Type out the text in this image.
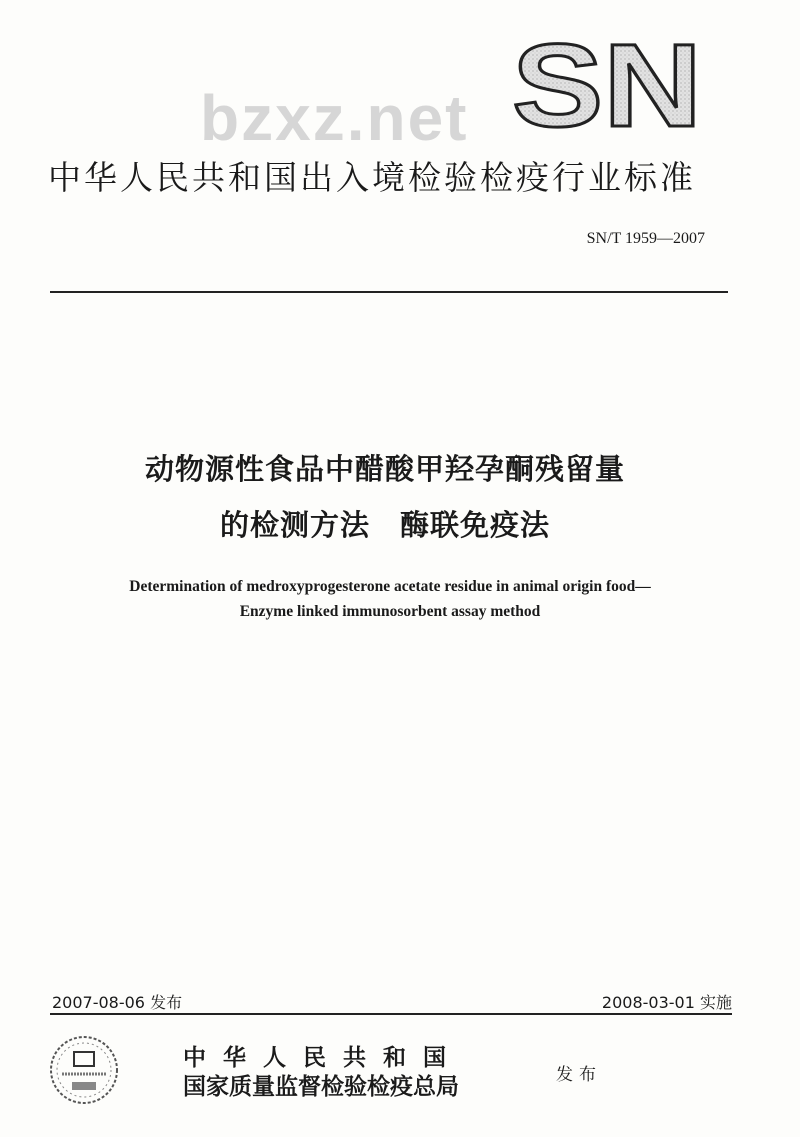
SN
bzxz.net
中华人民共和国出入境检验检疫行业标准
SN/T 1959—2007
动物源性食品中醋酸甲羟孕酮残留量
的检测方法　酶联免疫法
Determination of medroxyprogesterone acetate residue in animal origin food—
Enzyme linked immunosorbent assay method
2007-08-06 发布	2008-03-01 实施
中华人民共和国
国家质量监督检验检疫总局	发布
